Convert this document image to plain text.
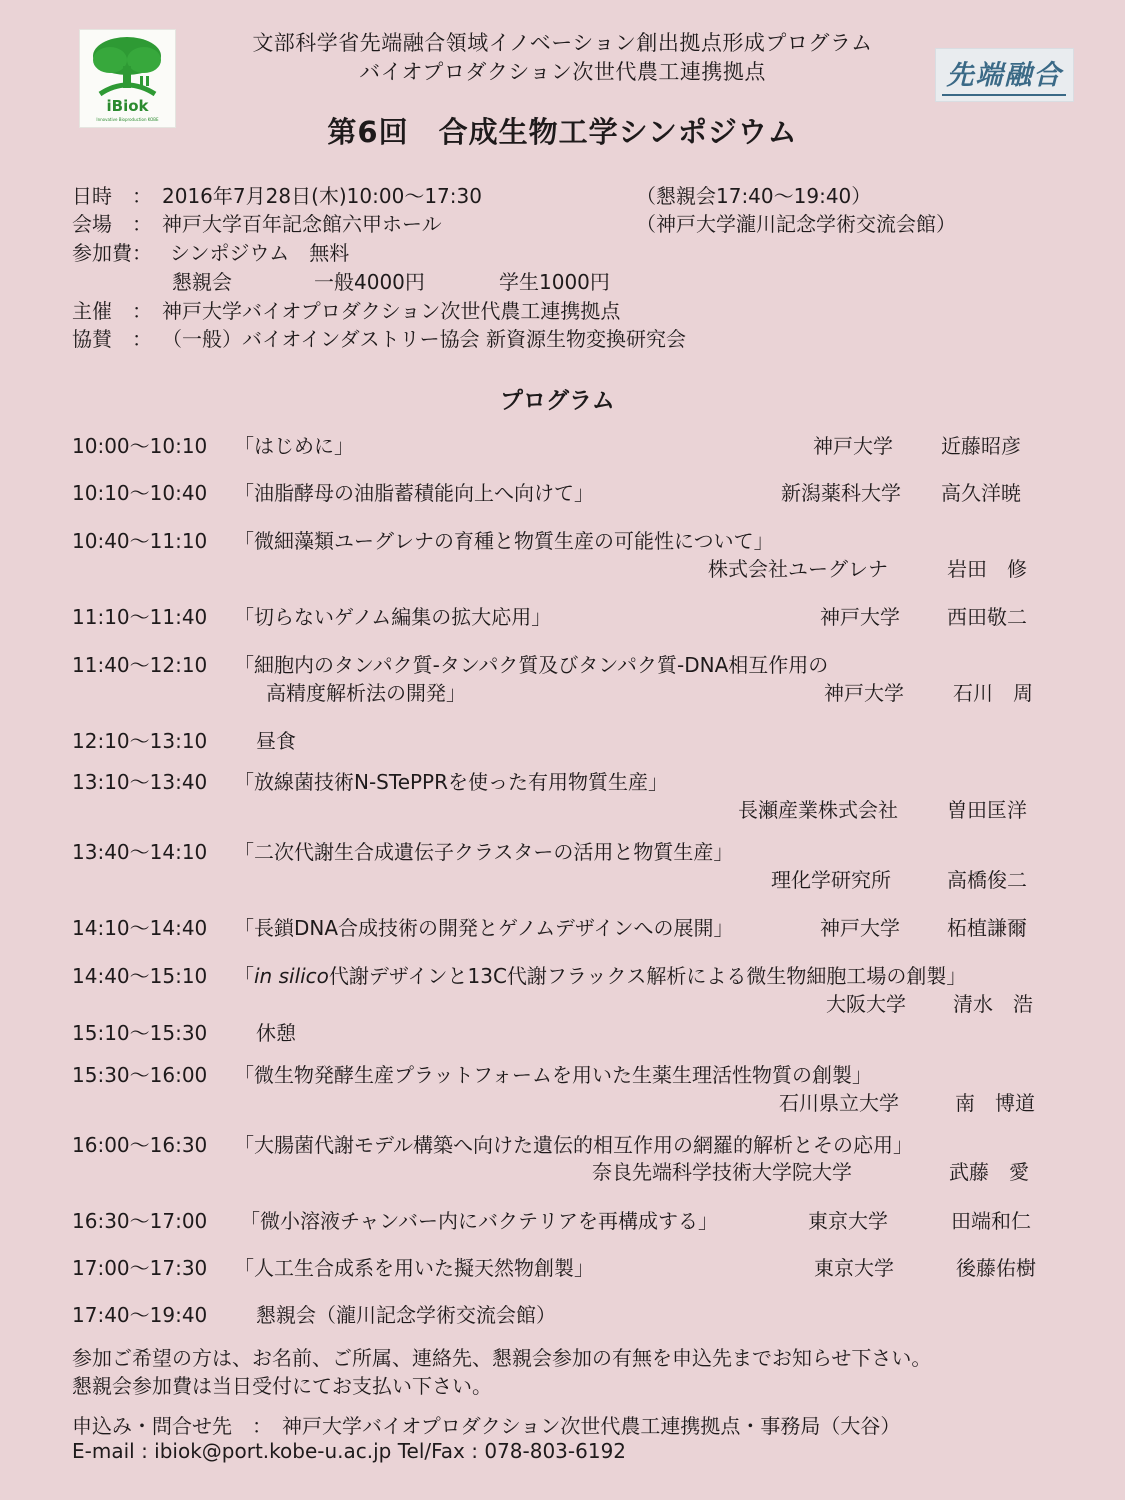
iBiok
Innovative Bioproduction KOBE
先端融合
文部科学省先端融合領域イノベーション創出拠点形成プログラム
バイオプロダクション次世代農工連携拠点
第6回　合成生物工学シンポジウム
日時　： 2016年7月28日(木)10:00～17:30	（懇親会17:40～19:40）
会場　： 神戸大学百年記念館六甲ホール	（神戸大学瀧川記念学術交流会館）
参加費： シンポジウム　無料
懇親会	一般4000円	学生1000円
主催　： 神戸大学バイオプロダクション次世代農工連携拠点
協賛　： （一般）バイオインダストリー協会 新資源生物変換研究会
プログラム
10:00～10:10 「はじめに」	神戸大学 近藤昭彦
10:10～10:40 「油脂酵母の油脂蓄積能向上へ向けて」	新潟薬科大学 高久洋暁
10:40～11:10 「微細藻類ユーグレナの育種と物質生産の可能性について」
株式会社ユーグレナ	岩田　修
11:10～11:40 「切らないゲノム編集の拡大応用」	神戸大学 西田敬二
11:40～12:10 「細胞内のタンパク質-タンパク質及びタンパク質-DNA相互作用の
高精度解析法の開発」	神戸大学 石川　周
12:10～13:10 昼食
13:10～13:40 「放線菌技術N-STePPRを使った有用物質生産」
長瀬産業株式会社 曽田匡洋
13:40～14:10 「二次代謝生合成遺伝子クラスターの活用と物質生産」
理化学研究所	高橋俊二
14:10～14:40 「長鎖DNA合成技術の開発とゲノムデザインへの展開」	神戸大学 柘植謙爾
14:40～15:10 「in silico代謝デザインと13C代謝フラックス解析による微生物細胞工場の創製」
大阪大学 清水　浩
15:10～15:30 休憩
15:30～16:00 「微生物発酵生産プラットフォームを用いた生薬生理活性物質の創製」
石川県立大学	南　博道
16:00～16:30 「大腸菌代謝モデル構築へ向けた遺伝的相互作用の網羅的解析とその応用」
奈良先端科学技術大学院大学	武藤　愛
16:30～17:00 「微小溶液チャンバー内にバクテリアを再構成する」	東京大学	田端和仁
17:00～17:30 「人工生合成系を用いた擬天然物創製」	東京大学	後藤佑樹
17:40～19:40 懇親会（瀧川記念学術交流会館）
参加ご希望の方は、お名前、ご所属、連絡先、懇親会参加の有無を申込先までお知らせ下さい。
懇親会参加費は当日受付にてお支払い下さい。
申込み・問合せ先　：　神戸大学バイオプロダクション次世代農工連携拠点・事務局（大谷）
E-mail : ibiok@port.kobe-u.ac.jp Tel/Fax : 078-803-6192
